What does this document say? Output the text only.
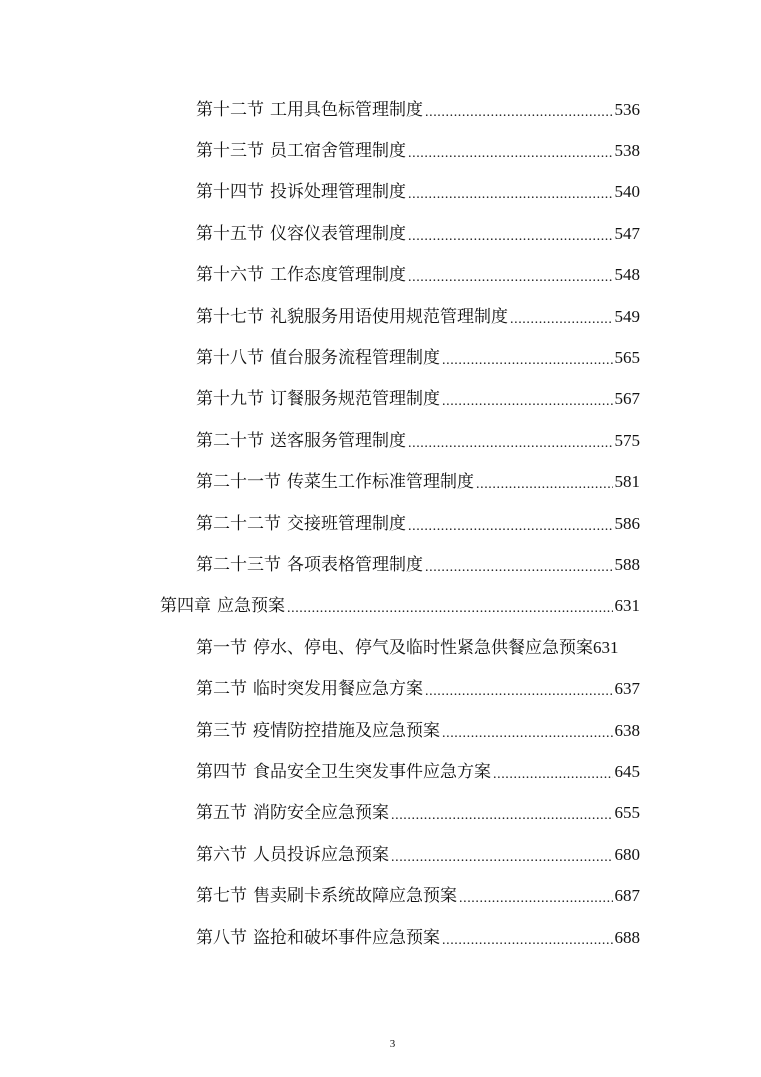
第十二节 工用具色标管理制度 .....	536
第十三节 员工宿舍管理制度 .....	538
第十四节 投诉处理管理制度 .....	540
第十五节 仪容仪表管理制度 .....	547
第十六节 工作态度管理制度 .....	548
第十七节 礼貌服务用语使用规范管理制度 .....	549
第十八节 值台服务流程管理制度 .....	565
第十九节 订餐服务规范管理制度 .....	567
第二十节 送客服务管理制度 .....	575
第二十一节 传菜生工作标准管理制度 .....	581
第二十二节 交接班管理制度 .....	586
第二十三节 各项表格管理制度 .....	588
第四章 应急预案 .....	631
第一节 停水、停电、停气及临时性紧急供餐应急预案 631
第二节 临时突发用餐应急方案 .....	637
第三节 疫情防控措施及应急预案 .....	638
第四节 食品安全卫生突发事件应急方案 .....	645
第五节 消防安全应急预案 .....	655
第六节 人员投诉应急预案 .....	680
第七节 售卖刷卡系统故障应急预案 .....	687
第八节 盗抢和破坏事件应急预案 .....	688
3
